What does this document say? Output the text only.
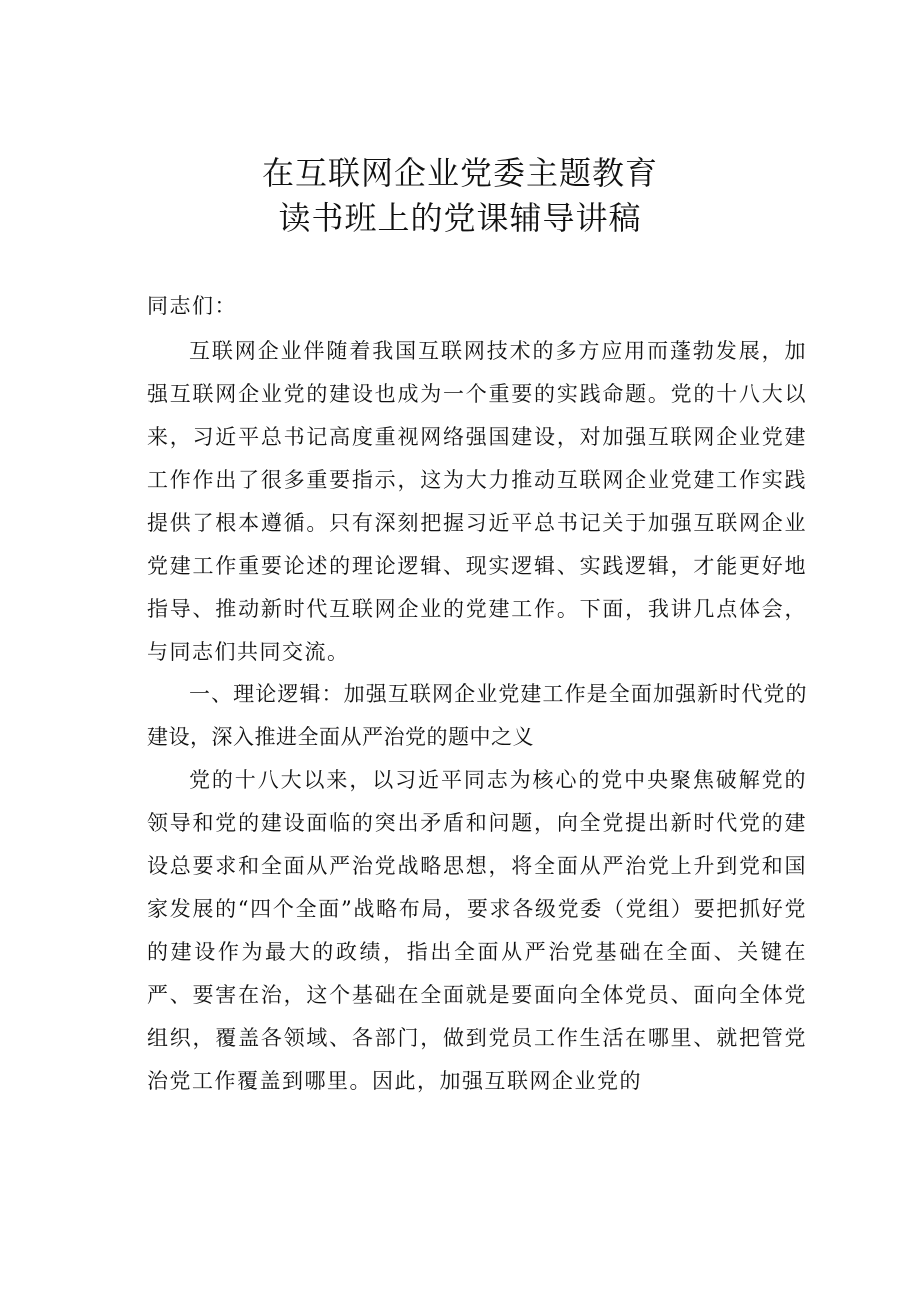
在互联网企业党委主题教育
读书班上的党课辅导讲稿
同志们：

互联网企业伴随着我国互联网技术的多方应用而蓬勃发展，加强互联网企业党的建设也成为一个重要的实践命题。党的十八大以来，习近平总书记高度重视网络强国建设，对加强互联网企业党建工作作出了很多重要指示，这为大力推动互联网企业党建工作实践提供了根本遵循。只有深刻把握习近平总书记关于加强互联网企业党建工作重要论述的理论逻辑、现实逻辑、实践逻辑，才能更好地指导、推动新时代互联网企业的党建工作。下面，我讲几点体会，与同志们共同交流。

一、理论逻辑：加强互联网企业党建工作是全面加强新时代党的建设，深入推进全面从严治党的题中之义

党的十八大以来，以习近平同志为核心的党中央聚焦破解党的领导和党的建设面临的突出矛盾和问题，向全党提出新时代党的建设总要求和全面从严治党战略思想，将全面从严治党上升到党和国家发展的“四个全面”战略布局，要求各级党委（党组）要把抓好党的建设作为最大的政绩，指出全面从严治党基础在全面、关键在严、要害在治，这个基础在全面就是要面向全体党员、面向全体党组织，覆盖各领域、各部门，做到党员工作生活在哪里、就把管党治党工作覆盖到哪里。因此，加强互联网企业党的
